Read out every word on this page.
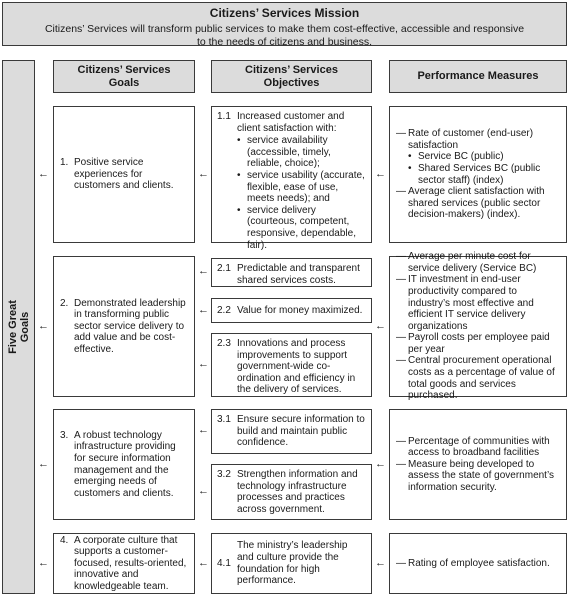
Citizens’ Services Mission
Citizens’ Services will transform public services to make them cost-effective, accessible and responsive to the needs of citizens and business.
Five Great Goals
Citizens’ Services
Goals
Citizens’ Services
Objectives
Performance Measures
1. Positive service experiences for customers and clients.
2. Demonstrated leadership in transforming public sector service delivery to add value and be cost-effective.
3. A robust technology infrastructure providing for secure information management and the emerging needs of customers and clients.
4. A corporate culture that supports a customer-focused, results-oriented, innovative and knowledgeable team.
1.1 Increased customer and client satisfaction with:
• service availability (accessible, timely, reliable, choice);
• service usability (accurate, flexible, ease of use, meets needs); and
• service delivery (courteous, competent, responsive, dependable, fair).
2.1 Predictable and transparent shared services costs.
2.2 Value for money maximized.
2.3 Innovations and process improvements to support government-wide co-ordination and efficiency in the delivery of services.
3.1 Ensure secure information to build and maintain public confidence.
3.2 Strengthen information and technology infrastructure processes and practices across government.
4.1
The ministry’s leadership and culture provide the foundation for high performance.
— Rate of customer (end-user) satisfaction
• Service BC (public)
• Shared Services BC (public sector staff) (index)
— Average client satisfaction with shared services (public sector decision-makers) (index).
— Average per minute cost for service delivery (Service BC)
— IT investment in end-user productivity compared to industry’s most effective and efficient IT service delivery organizations
— Payroll costs per employee paid per year
— Central procurement operational costs as a percentage of value of total goods and services purchased.
— Percentage of communities with access to broadband facilities
— Measure being developed to assess the state of government’s information security.
— Rating of employee satisfaction.
←
←
←
←
←
←
←
←
←
←
←
←
←
←
←
